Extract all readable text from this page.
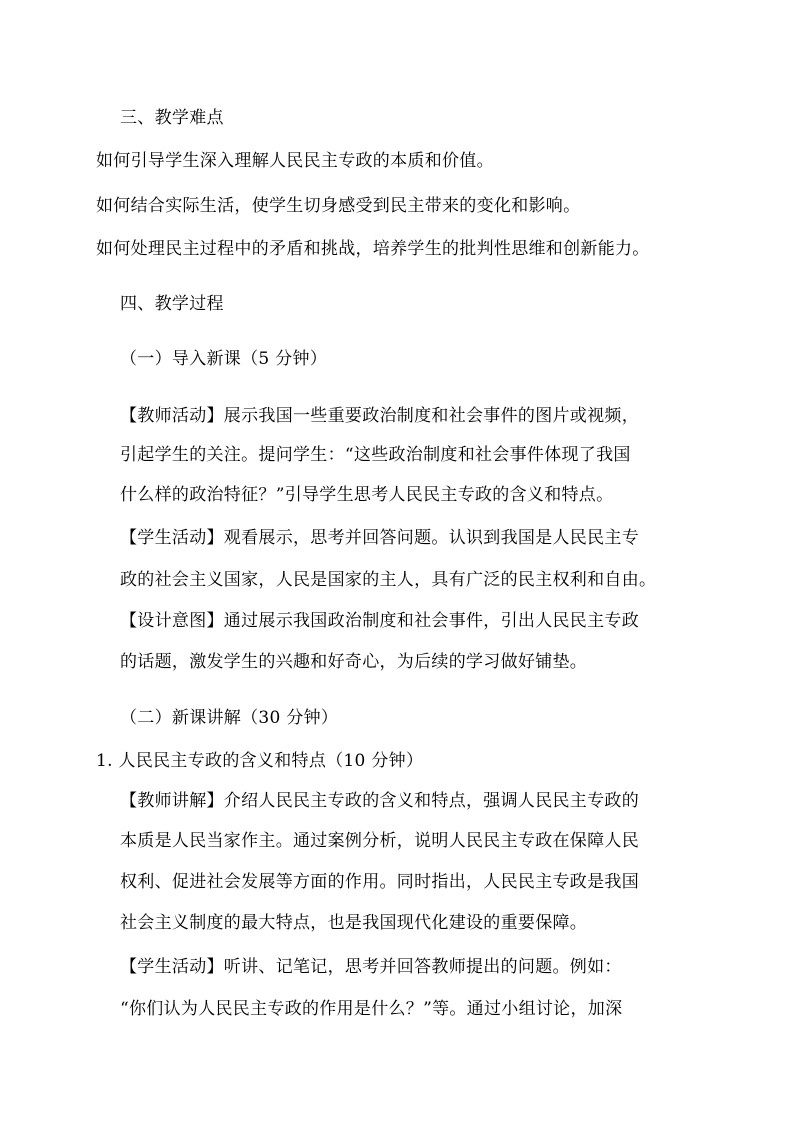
三、教学难点
如何引导学生深入理解人民民主专政的本质和价值。
如何结合实际生活，使学生切身感受到民主带来的变化和影响。
如何处理民主过程中的矛盾和挑战，培养学生的批判性思维和创新能力。
四、教学过程
（一）导入新课（5 分钟）
【教师活动】展示我国一些重要政治制度和社会事件的图片或视频，
引起学生的关注。提问学生：“这些政治制度和社会事件体现了我国
什么样的政治特征？”引导学生思考人民民主专政的含义和特点。
【学生活动】观看展示，思考并回答问题。认识到我国是人民民主专
政的社会主义国家，人民是国家的主人，具有广泛的民主权利和自由。
【设计意图】通过展示我国政治制度和社会事件，引出人民民主专政
的话题，激发学生的兴趣和好奇心，为后续的学习做好铺垫。
（二）新课讲解（30 分钟）
1. 人民民主专政的含义和特点（10 分钟）
【教师讲解】介绍人民民主专政的含义和特点，强调人民民主专政的
本质是人民当家作主。通过案例分析，说明人民民主专政在保障人民
权利、促进社会发展等方面的作用。同时指出，人民民主专政是我国
社会主义制度的最大特点，也是我国现代化建设的重要保障。
【学生活动】听讲、记笔记，思考并回答教师提出的问题。例如：
“你们认为人民民主专政的作用是什么？”等。通过小组讨论，加深
